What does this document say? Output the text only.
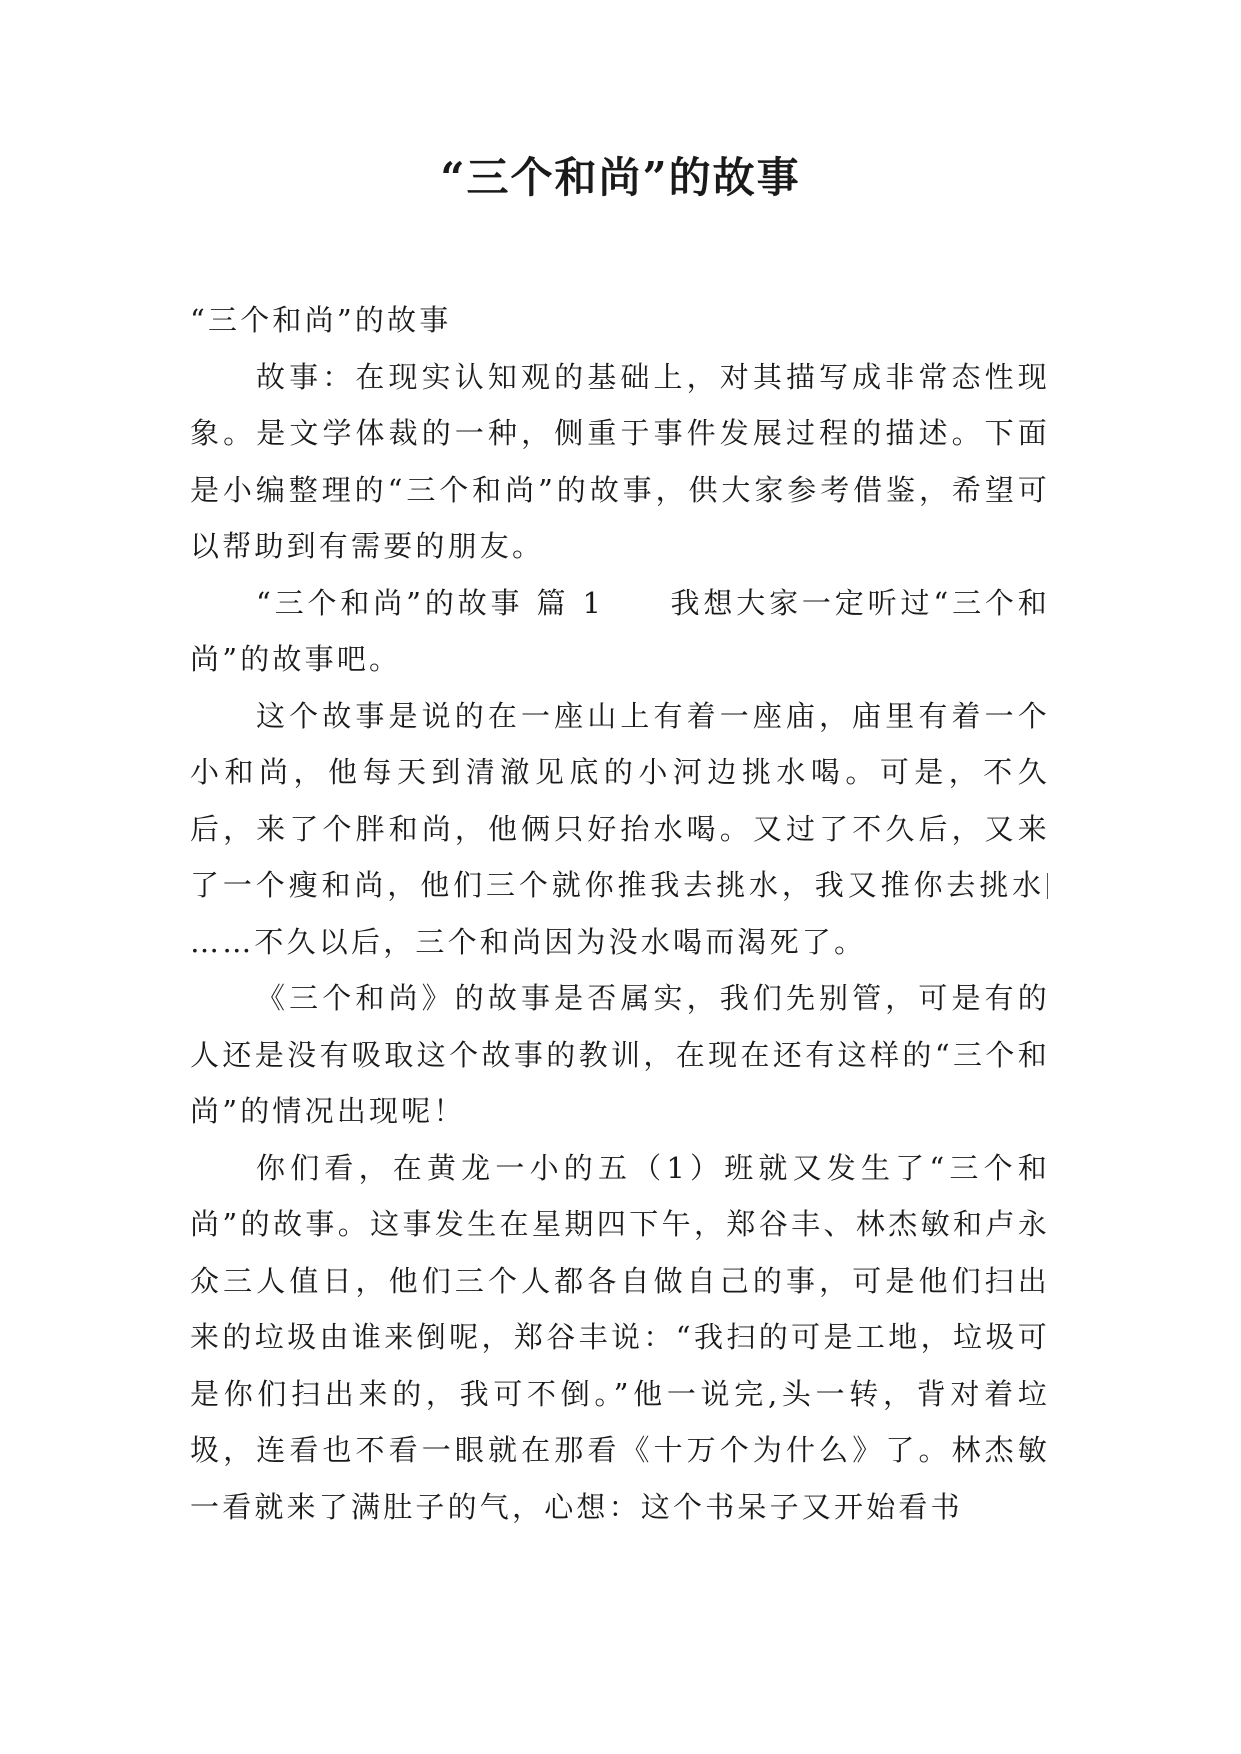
“三个和尚”的故事

“三个和尚”的故事

故事：在现实认知观的基础上，对其描写成非常态性现象。是文学体裁的一种，侧重于事件发展过程的描述。下面是小编整理的“三个和尚”的故事，供大家参考借鉴，希望可以帮助到有需要的朋友。

“三个和尚”的故事 篇 1　　我想大家一定听过“三个和尚”的故事吧。

这个故事是说的在一座山上有着一座庙，庙里有着一个小和尚，他每天到清澈见底的小河边挑水喝。可是，不久后，来了个胖和尚，他俩只好抬水喝。又过了不久后，又来了一个瘦和尚，他们三个就你推我去挑水，我又推你去挑水……不久以后，三个和尚因为没水喝而渴死了。

《三个和尚》的故事是否属实，我们先别管，可是有的人还是没有吸取这个故事的教训，在现在还有这样的“三个和尚”的情况出现呢！

你们看，在黄龙一小的五（1）班就又发生了“三个和尚”的故事。这事发生在星期四下午，郑谷丰、林杰敏和卢永众三人值日，他们三个人都各自做自己的事，可是他们扫出来的垃圾由谁来倒呢，郑谷丰说：“我扫的可是工地，垃圾可是你们扫出来的，我可不倒。”他一说完,头一转，背对着垃圾，连看也不看一眼就在那看《十万个为什么》了。林杰敏一看就来了满肚子的气，心想：这个书呆子又开始看书
